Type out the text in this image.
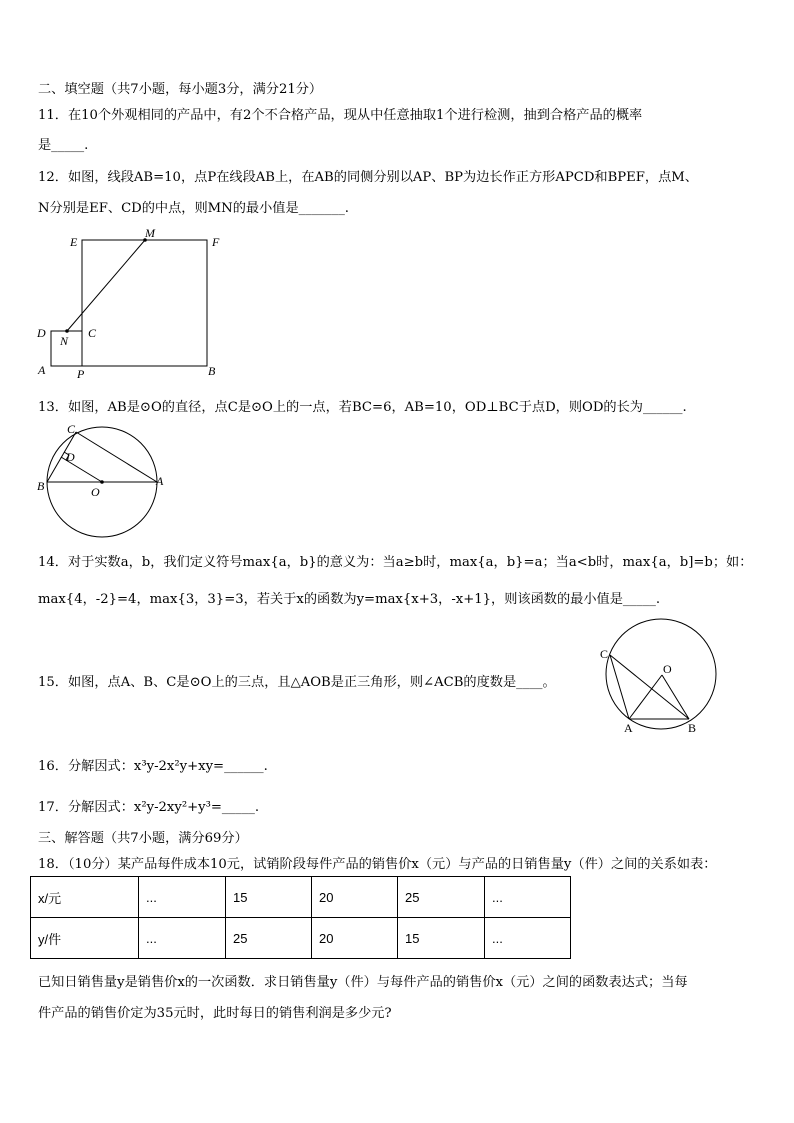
二、填空题（共7小题，每小题3分，满分21分）
11．在10个外观相同的产品中，有2个不合格产品，现从中任意抽取1个进行检测，抽到合格产品的概率
是_____.
12．如图，线段AB=10，点P在线段AB上，在AB的同侧分别以AP、BP为边长作正方形APCD和BPEF，点M、
N分别是EF、CD的中点，则MN的最小值是_______.
E
M
F
D
N
C
A	P	B
13．如图，AB是⊙O的直径，点C是⊙O上的一点，若BC=6，AB=10，OD⊥BC于点D，则OD的长为______.
C
D
B	O
A
14．对于实数a，b，我们定义符号max{a，b}的意义为：当a≥b时，max{a，b}=a；当a<b时，max{a，b]=b；如：
max{4，-2}=4，max{3，3}=3，若关于x的函数为y=max{x+3，-x+1}，则该函数的最小值是_____.
15．如图，点A、B、C是⊙O上的三点，且△AOB是正三角形，则∠ACB的度数是____。
C
O
A	B
16．分解因式：x³y-2x²y+xy=______.
17．分解因式：x²y-2xy²+y³=_____.
三、解答题（共7小题，满分69分）
18．（10分）某产品每件成本10元，试销阶段每件产品的销售价x（元）与产品的日销售量y（件）之间的关系如表：
x/元	...	15	20	25	...
y/件	...	25	20	15	...
已知日销售量y是销售价x的一次函数．求日销售量y（件）与每件产品的销售价x（元）之间的函数表达式；当每
件产品的销售价定为35元时，此时每日的销售利润是多少元?
